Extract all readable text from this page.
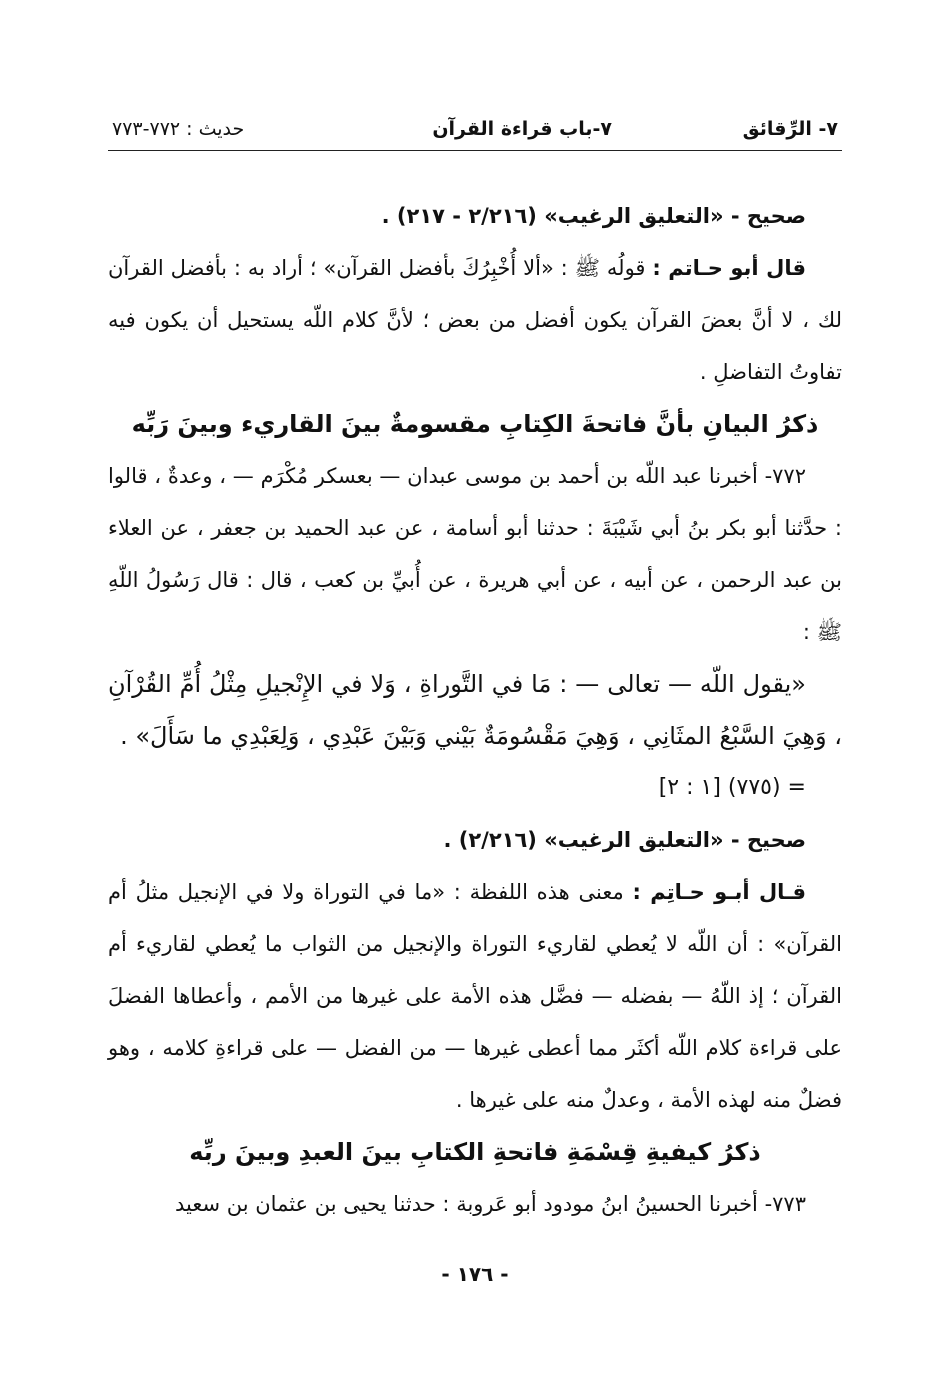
٧- الرِّقائق
٧-باب قراءة القرآن
حديث : ٧٧٢-٧٧٣

صحيح - «التعليق الرغيب» (٢/٢١٦ - ٢١٧) .

قال أبو حـاتم : قولُه ﷺ : «ألا أُخْبِرُكَ بأفضل القرآن» ؛ أراد به : بأفضل القرآن لك ، لا أنَّ بعضَ القرآن يكون أفضل من بعض ؛ لأنَّ كلام اللّه يستحيل أن يكون فيه تفاوتُ التفاضلِ .

ذكرُ البيانِ بأنَّ فاتحةَ الكِتابِ مقسومةٌ بينَ القاريء وبينَ رَبِّه

٧٧٢- أخبرنا عبد اللّه بن أحمد بن موسى عبدان — بعسكر مُكْرَم — ، وعدةٌ ، قالوا : حدَّثنا أبو بكر بنُ أبي شَيْبَةَ : حدثنا أبو أسامة ، عن عبد الحميد بن جعفر ، عن العلاء بن عبد الرحمن ، عن أبيه ، عن أبي هريرة ، عن أُبيِّ بن كعب ، قال : قال رَسُولُ اللّهِ ﷺ :

«يقول اللّه — تعالى — : مَا في التَّوراةِ ، وَلا في الإِنْجيلِ مِثْلُ أُمِّ القُرْآنِ ، وَهِيَ السَّبْعُ المثَانِي ، وَهِيَ مَقْسُومَةٌ بَيْني وَبَيْنَ عَبْدِي ، وَلِعَبْدِي ما سَأَلَ» .

= (٧٧٥) [١ : ٢]

صحيح - «التعليق الرغيب» (٢/٢١٦) .

قـال أبـو حـاتِم : معنى هذه اللفظة : «ما في التوراة ولا في الإنجيل مثلُ أم القرآن» : أن اللّه لا يُعطي لقاريء التوراة والإنجيل من الثواب ما يُعطي لقاريء أم القرآن ؛ إذ اللّهُ — بفضله — فضَّل هذه الأمة على غيرها من الأمم ، وأعطاها الفضلَ على قراءة كلام اللّه أكثَر مما أعطى غيرها — من الفضل — على قراءةِ كلامه ، وهو فضلٌ منه لهذه الأمة ، وعدلٌ منه على غيرها .

ذكرُ كيفيةِ قِسْمَةِ فاتحةِ الكتابِ بينَ العبدِ وبينَ ربِّه

٧٧٣- أخبرنا الحسينُ ابنُ مودود أبو عَروبة : حدثنا يحيى بن عثمان بن سعيد

- ١٧٦ -
